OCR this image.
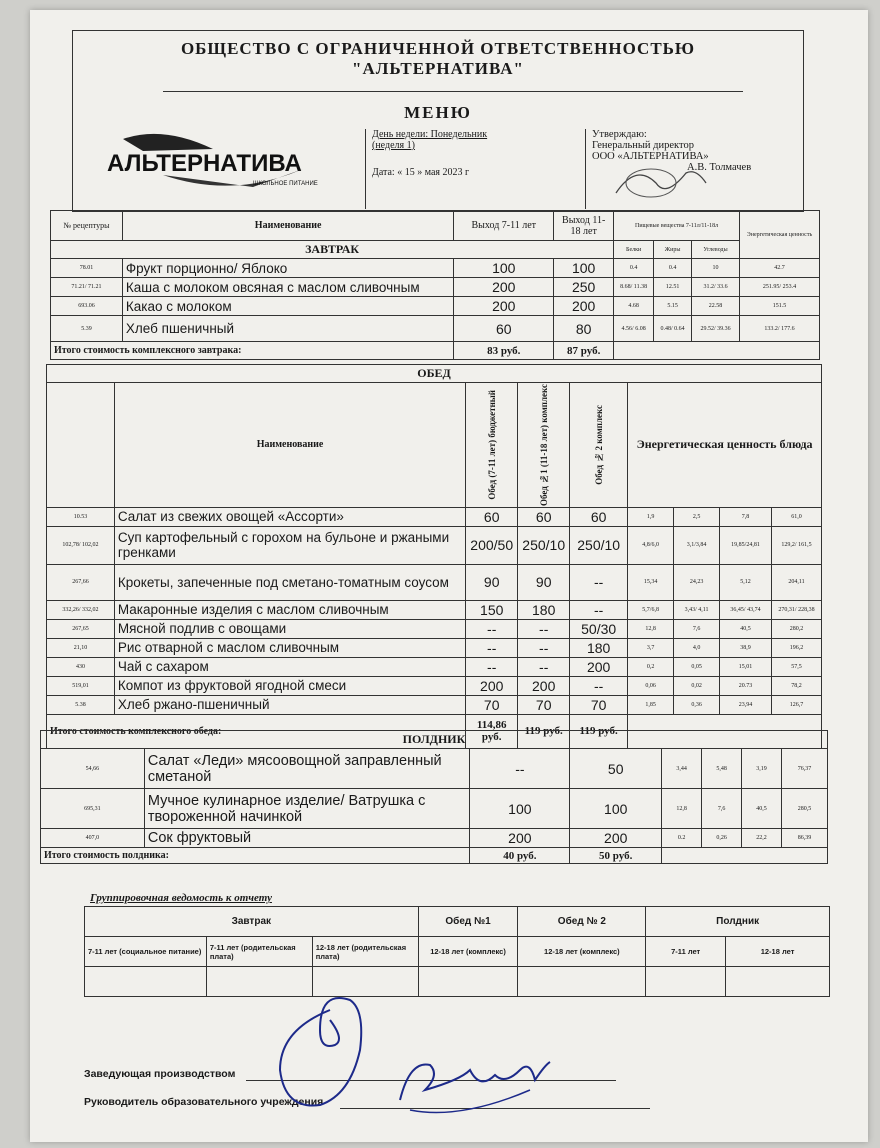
ОБЩЕСТВО С ОГРАНИЧЕННОЙ ОТВЕТСТВЕННОСТЬЮ
"АЛЬТЕРНАТИВА"
МЕНЮ
АЛЬТЕРНАТИВА
ШКОЛЬНОЕ ПИТАНИЕ
День недели: Понедельник
(неделя 1)
Дата: « 15 » мая 2023 г
Утверждаю:
Генеральный директор
ООО «АЛЬТЕРНАТИВА»
А.В. Толмачев
№ рецептуры	Наименование	Выход 7-11 лет	Выход 11-18 лет	Пищевые вещества 7-11л/11-18л			Энергетическая ценность
ЗАВТРАК				Белки	Жиры	Углеводы	
78.01	Фрукт порционно/ Яблоко	100	100	0.4	0.4	10	42.7
71.21/ 71.21	Каша с молоком овсяная с маслом сливочным	200	250	8.68/ 11.38	12.51	31.2/ 33.6	251.95/ 253.4
693.06	Какао с молоком	200	200	4.68	5.15	22.58	151.5
5.39	Хлеб пшеничный	60	80	4.56/ 6.08	0.48/ 0.64	29.52/ 39.36	133.2/ 177.6
Итого стоимость комплексного завтрака:		83 руб.	87 руб.				
ОБЕД								
	Наименование	Обед (7-11 лет) бюджетный	Обед №1 (11-18 лет) комплекс	Обед № 2 комплекс	Энергетическая ценность блюда			
10.53	Салат из свежих овощей «Ассорти»	60	60	60	1,9	2,5	7,8	61,0
102,78/ 102,02	Суп картофельный с горохом на бульоне и ржаными гренками	200/50	250/10	250/10	4,8/6,0	3,1/3,84	19,85/24,81	129,2/ 161,5
267,66	Крокеты, запеченные под сметано-томатным соусом	90	90	--	15,34	24,23	5,12	204,11
332,26/ 332,02	Макаронные изделия с маслом сливочным	150	180	--	5,7/6,8	3,43/ 4,11	36,45/ 43,74	270,31/ 228,38
267,65	Мясной подлив с овощами	--	--	50/30	12,8	7,6	40,5	280,2
21,10	Рис отварной с маслом сливочным	--	--	180	3,7	4,0	38,9	196,2
430	Чай с сахаром	--	--	200	0,2	0,05	15,01	57,5
519,01	Компот из фруктовой ягодной смеси	200	200	--	0,06	0,02	20.73	78,2
5.38	Хлеб ржано-пшеничный	70	70	70	1,85	0,36	23,94	126,7
Итого стоимость комплексного обеда:		114,86 руб.	119 руб.	119 руб.				
ПОЛДНИК							
54,66	Салат «Леди» мясоовощной заправленный сметаной	--	50	3,44	5,48	3,19	76,37
695,31	Мучное кулинарное изделие/ Ватрушка с твороженной начинкой	100	100	12,8	7,6	40,5	280,5
407,0	Сок фруктовый	200	200	0.2	0,26	22,2	86,39
Итого стоимость полдника:		40 руб.	50 руб.				
Группировочная ведомость к отчету
Завтрак			Обед №1	Обед № 2	Полдник	
7-11 лет (социальное питание)	7-11 лет (родительская плата)	12-18 лет (родительская плата)	12-18 лет (комплекс)	12-18 лет (комплекс)	7-11 лет	12-18 лет

Заведующая производством
Руководитель образовательного учреждения
